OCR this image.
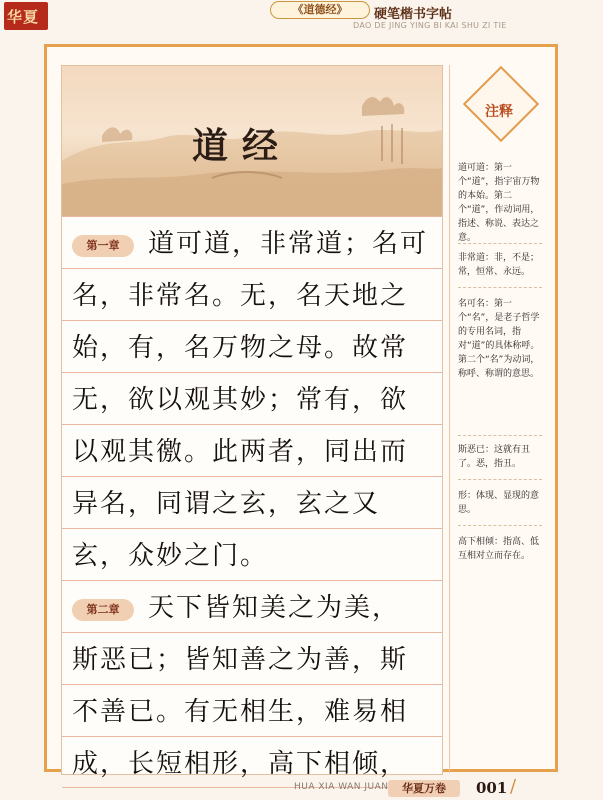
华夏	《道德经》	硬笔楷书字帖
DAO DE JING YING BI KAI SHU ZI TIE
道经
第一章	道可道，非常道；名可
名，非常名。无，名天地之
始，有，名万物之母。故常
无，欲以观其妙；常有，欲
以观其徼。此两者，同出而
异名，同谓之玄，玄之又
玄，众妙之门。
第二章	天下皆知美之为美，
斯恶已；皆知善之为善，斯
不善已。有无相生，难易相
成，长短相形，高下相倾，
注释
道可道：第一个“道”，指宇宙万物的本始。第二个“道”，作动词用，指述、称说、表达之意。
非常道：非，不是；常，恒常、永远。
名可名：第一个“名”，是老子哲学的专用名词，指对“道”的具体称呼。第二个“名”为动词，称呼、称谓的意思。
斯恶已：这就有丑了。恶，指丑。
形：体现、显现的意思。
高下相倾：指高、低互相对立而存在。
HUA XIA WAN JUAN	华夏万卷	001 /
